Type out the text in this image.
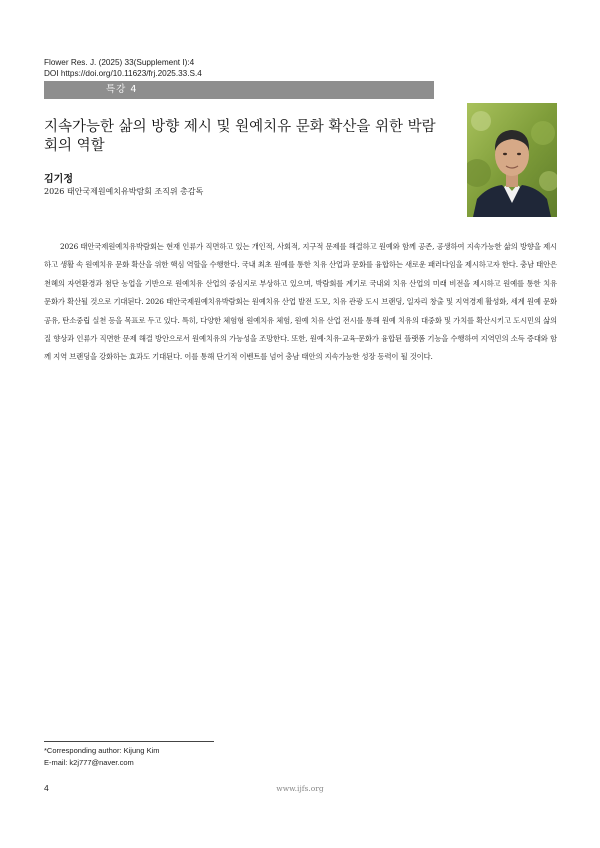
Flower Res. J. (2025) 33(Supplement I):4
DOI https://doi.org/10.11623/frj.2025.33.S.4
특강 4
지속가능한 삶의 방향 제시 및 원예치유 문화 확산을 위한 박람회의 역할
김기정
2026 태안국제원예치유박람회 조직위 총감독

2026 태안국제원예치유박람회는 현재 인류가 직면하고 있는 개인적, 사회적, 지구적 문제를 해결하고 원예와 함께 공존, 공생하여 지속가능한 삶의 방향을 제시하고 생활 속 원예치유 문화 확산을 위한 핵심 역할을 수행한다. 국내 최초 원예를 통한 치유 산업과 문화를 융합하는 새로운 패러다임을 제시하고자 한다. 충남 태안은 천혜의 자연환경과 첨단 농업을 기반으로 원예치유 산업의 중심지로 부상하고 있으며, 박람회를 계기로 국내외 치유 산업의 미래 비전을 제시하고 원예를 통한 치유 문화가 확산될 것으로 기대된다. 2026 태안국제원예치유박람회는 원예치유 산업 발전 도모, 치유 관광 도시 브랜딩, 일자리 창출 및 지역경제 활성화, 세계 원예 문화 공유, 탄소중립 실천 등을 목표로 두고 있다. 특히, 다양한 체험형 원예치유 체험, 원예 치유 산업 전시를 통해 원예 치유의 대중화 및 가치를 확산시키고 도시민의 삶의 질 향상과 인류가 직면한 문제 해결 방안으로서 원예치유의 가능성을 조망한다. 또한, 원예·치유·교육·문화가 융합된 플랫폼 기능을 수행하여 지역민의 소득 증대와 함께 지역 브랜딩을 강화하는 효과도 기대된다. 이를 통해 단기적 이벤트를 넘어 충남 태안의 지속가능한 성장 동력이 될 것이다.

*Corresponding author: Kijung Kim
E-mail: k2j777@naver.com
4	www.ijfs.org
